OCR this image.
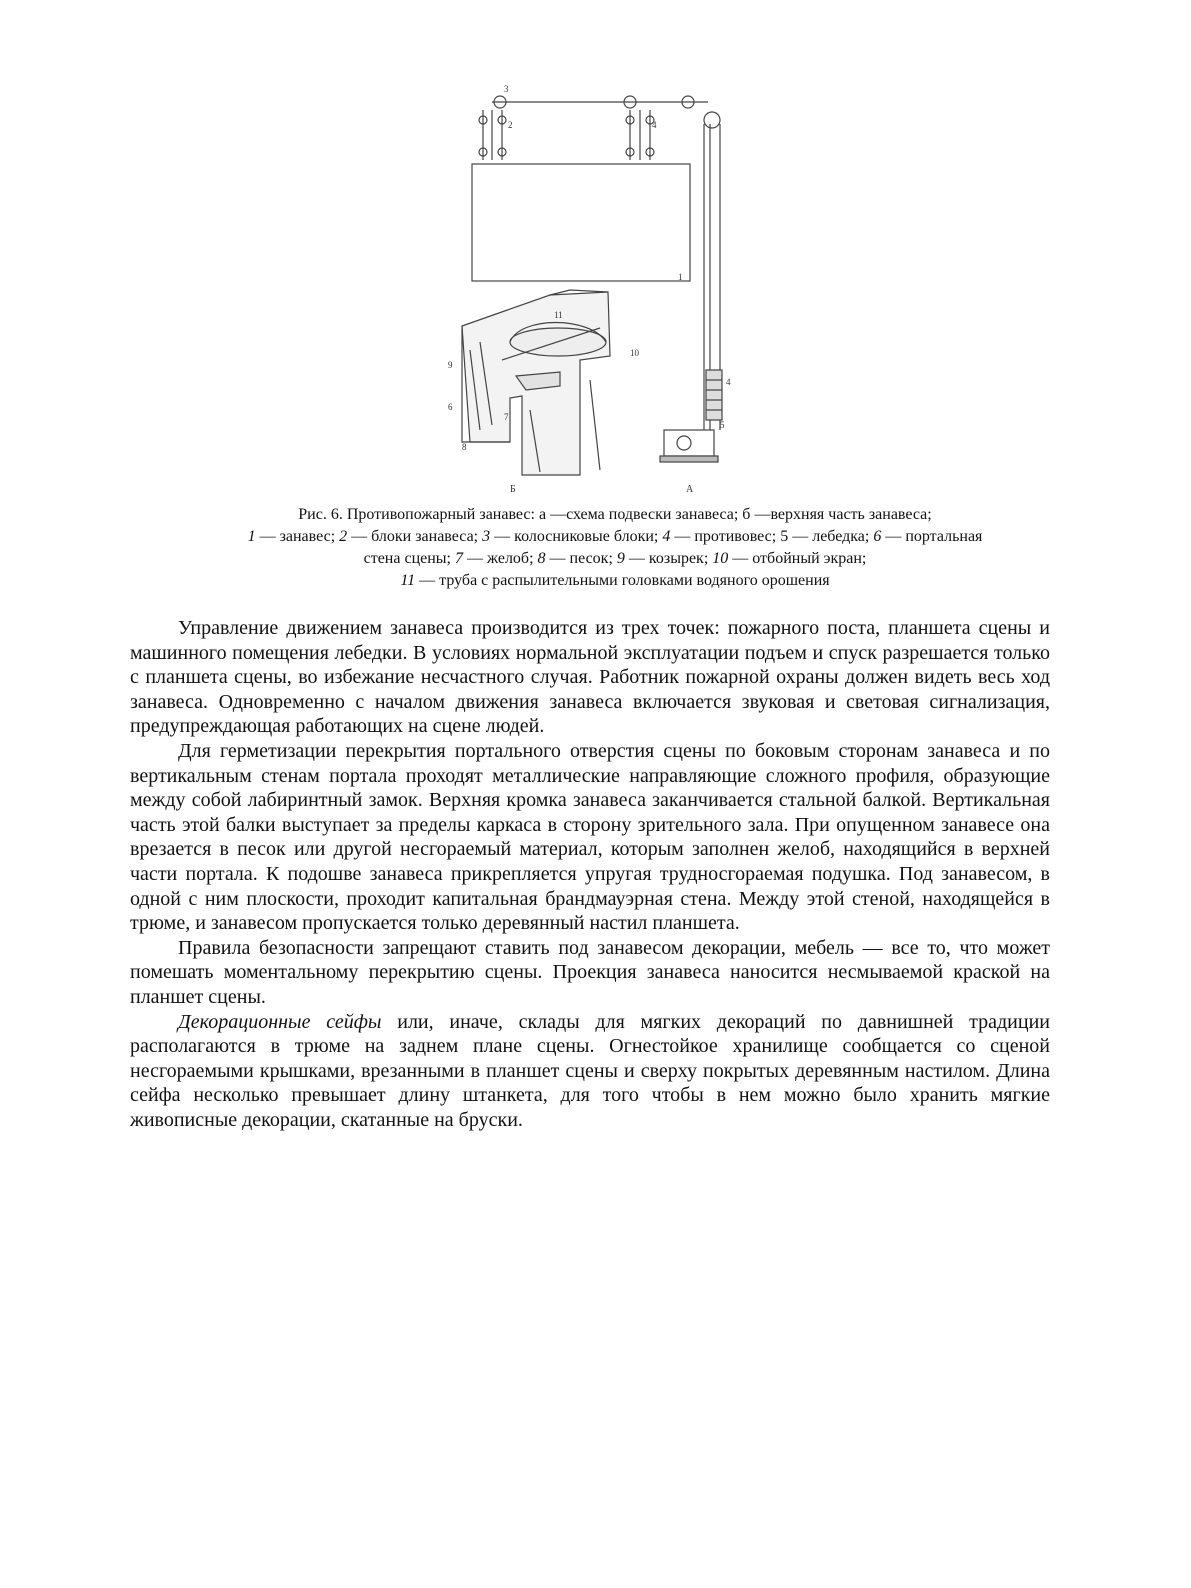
3
2	4
1
4
5
11
10
9
6
7
8
Б	А
Рис. 6. Противопожарный занавес: а —схема подвески занавеса; б —верхняя часть занавеса;
1 — занавес; 2 — блоки занавеса; 3 — колосниковые блоки; 4 — противовес; 5 — лебедка; 6 — портальная
стена сцены; 7 — желоб; 8 — песок; 9 — козырек; 10 — отбойный экран;
11 — труба с распылительными головками водяного орошения

Управление движением занавеса производится из трех точек: пожарного поста, планшета сцены и машинного помещения лебедки. В условиях нормальной эксплуатации подъем и спуск разрешается только с планшета сцены, во избежание несчастного случая. Работник пожарной охраны должен видеть весь ход занавеса. Одновременно с началом движения занавеса включается звуковая и световая сигнализация, предупреждающая работающих на сцене людей.

Для герметизации перекрытия портального отверстия сцены по боковым сторонам занавеса и по вертикальным стенам портала проходят металлические направляющие сложного профиля, образующие между собой лабиринтный замок. Верхняя кромка занавеса заканчивается стальной балкой. Вертикальная часть этой балки выступает за пределы каркаса в сторону зрительного зала. При опущенном занавесе она врезается в песок или другой несгораемый материал, которым заполнен желоб, находящийся в верхней части портала. К подошве занавеса прикрепляется упругая трудносгораемая подушка. Под занавесом, в одной с ним плоскости, проходит капитальная брандмауэрная стена. Между этой стеной, находящейся в трюме, и занавесом пропускается только деревянный настил планшета.

Правила безопасности запрещают ставить под занавесом декорации, мебель — все то, что может помешать моментальному перекрытию сцены. Проекция занавеса наносится несмываемой краской на планшет сцены.

Декорационные сейфы или, иначе, склады для мягких декораций по давнишней традиции располагаются в трюме на заднем плане сцены. Огнестойкое хранилище сообщается со сценой несгораемыми крышками, врезанными в планшет сцены и сверху покрытых деревянным настилом. Длина сейфа несколько превышает длину штанкета, для того чтобы в нем можно было хранить мягкие живописные декорации, скатанные на бруски.
